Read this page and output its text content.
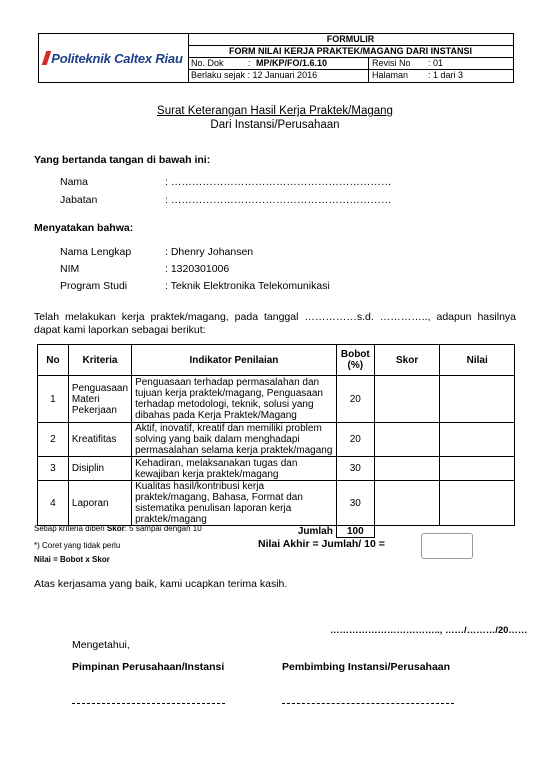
Politeknik Caltex Riau
FORMULIR
FORM NILAI KERJA PRAKTEK/MAGANG DARI INSTANSI
No. Dok	: MP/KP/FO/1.6.10	Revisi No : 01
Berlaku sejak : 12 Januari 2016	Halaman : 1 dari 3
Surat Keterangan Hasil Kerja Praktek/Magang
Dari Instansi/Perusahaan
Yang bertanda tangan di bawah ini:
Nama	: ………………………………………………………
Jabatan	: ………………………………………………………
Menyatakan bahwa:
Nama Lengkap	: Dhenry Johansen
NIM	: 1320301006
Program Studi	: Teknik Elektronika Telekomunikasi
Telah melakukan kerja praktek/magang, pada tanggal ……………s.d. ………….., adapun hasilnya dapat kami laporkan sebagai berikut:
No	Kriteria	Indikator Penilaian	Bobot (%)	Skor	Nilai
1	Penguasaan Materi Pekerjaan	Penguasaan terhadap permasalahan dan tujuan kerja praktek/magang, Penguasaan terhadap metodologi, teknik, solusi yang dibahas pada Kerja Praktek/Magang	20		
2	Kreatifitas	Aktif, inovatif, kreatif dan memiliki problem solving yang baik dalam menghadapi permasalahan selama kerja praktek/magang	20		
3	Disiplin	Kehadiran, melaksanakan tugas dan kewajiban kerja praktek/magang	30		
4	Laporan	Kualitas hasil/kontribusi kerja praktek/magang, Bahasa, Format dan sistematika penulisan laporan kerja praktek/magang	30		
Jumlah			100		
Setiap kriteria diberi Skor: 5 sampai dengan 10
*) Coret yang tidak perlu
Nilai = Bobot x Skor
Nilai Akhir = Jumlah/ 10 =
Atas kerjasama yang baik, kami ucapkan terima kasih.
…………………………….., ……/………/20……
Mengetahui,
Pimpinan Perusahaan/Instansi	Pembimbing Instansi/Perusahaan
